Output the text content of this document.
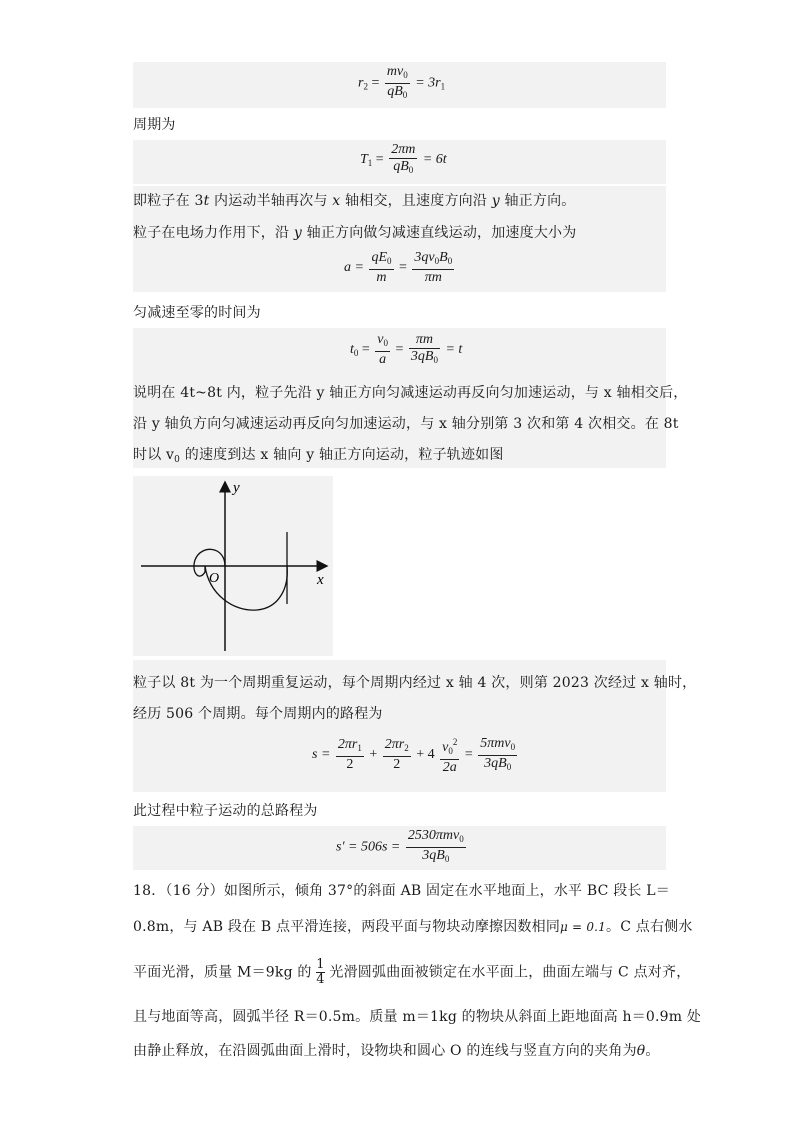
$r_2 = \frac{mv_0}{qB_0} = 3r_1$
周期为
$T_1 = \frac{2\pi m}{qB_0} = 6t$
即粒子在 3t 内运动半轴再次与 x 轴相交，且速度方向沿 y 轴正方向。
粒子在电场力作用下，沿 y 轴正方向做匀减速直线运动，加速度大小为
$a = \frac{qE_0}{m} = \frac{3qv_0B_0}{\pi m}$
匀减速至零的时间为
$t_0 = \frac{v_0}{a} = \frac{\pi m}{3qB_0} = t$
说明在 4t~8t 内，粒子先沿 y 轴正方向匀减速运动再反向匀加速运动，与 x 轴相交后，
沿 y 轴负方向匀减速运动再反向匀加速运动，与 x 轴分别第 3 次和第 4 次相交。在 8t
时以 $v_0$ 的速度到达 x 轴向 y 轴正方向运动，粒子轨迹如图
y
x
O
粒子以 8t 为一个周期重复运动，每个周期内经过 x 轴 4 次，则第 2023 次经过 x 轴时，
经历 506 个周期。每个周期内的路程为
$s = \frac{2\pi r_1}{2} + \frac{2\pi r_2}{2} + 4 \frac{v_0^2}{2a} = \frac{5\pi mv_0}{3qB_0}$
此过程中粒子运动的总路程为
$s' = 506s = \frac{2530\pi mv_0}{3qB_0}$
18．（16 分）如图所示，倾角 37°的斜面 AB 固定在水平地面上，水平 BC 段长 L＝
0.8m，与 AB 段在 B 点平滑连接，两段平面与物块动摩擦因数相同μ = 0.1。C 点右侧水
平面光滑，质量 M＝9kg 的 $\frac{1}{4}$ 光滑圆弧曲面被锁定在水平面上，曲面左端与 C 点对齐，
且与地面等高，圆弧半径 R＝0.5m。质量 m＝1kg 的物块从斜面上距地面高 h＝0.9m 处
由静止释放，在沿圆弧曲面上滑时，设物块和圆心 O 的连线与竖直方向的夹角为θ。
